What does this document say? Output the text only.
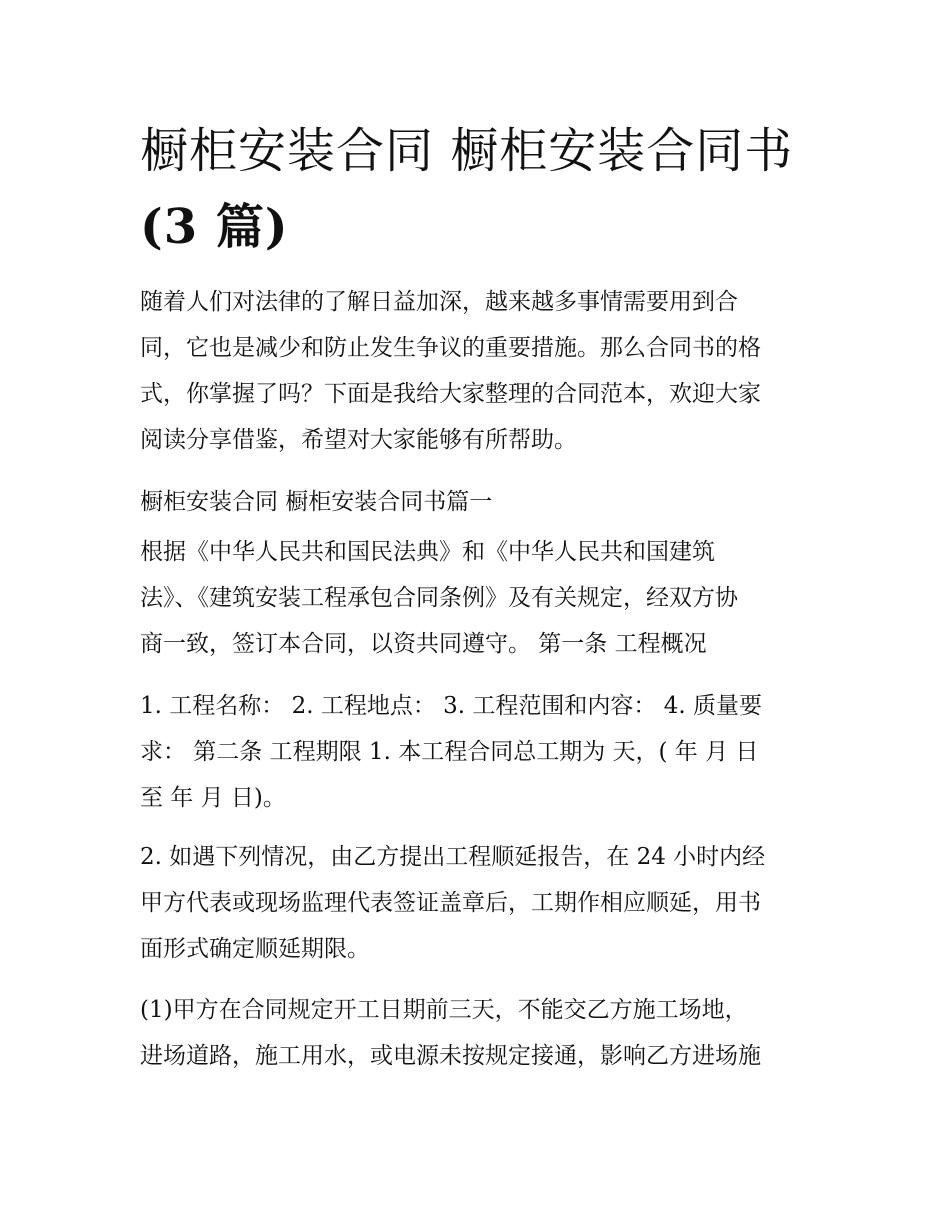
橱柜安装合同 橱柜安装合同书
(3 篇)
随着人们对法律的了解日益加深，越来越多事情需要用到合
同，它也是减少和防止发生争议的重要措施。那么合同书的格
式，你掌握了吗？下面是我给大家整理的合同范本，欢迎大家
阅读分享借鉴，希望对大家能够有所帮助。
橱柜安装合同 橱柜安装合同书篇一
根据《中华人民共和国民法典》和《中华人民共和国建筑
法》、《建筑安装工程承包合同条例》及有关规定，经双方协
商一致，签订本合同，以资共同遵守。 第一条 工程概况
1. 工程名称： 2. 工程地点： 3. 工程范围和内容： 4. 质量要
求： 第二条 工程期限 1. 本工程合同总工期为 天，( 年 月 日
至 年 月 日)。
2. 如遇下列情况，由乙方提出工程顺延报告，在 24 小时内经
甲方代表或现场监理代表签证盖章后，工期作相应顺延，用书
面形式确定顺延期限。
(1)甲方在合同规定开工日期前三天，不能交乙方施工场地，
进场道路，施工用水，或电源未按规定接通，影响乙方进场施
